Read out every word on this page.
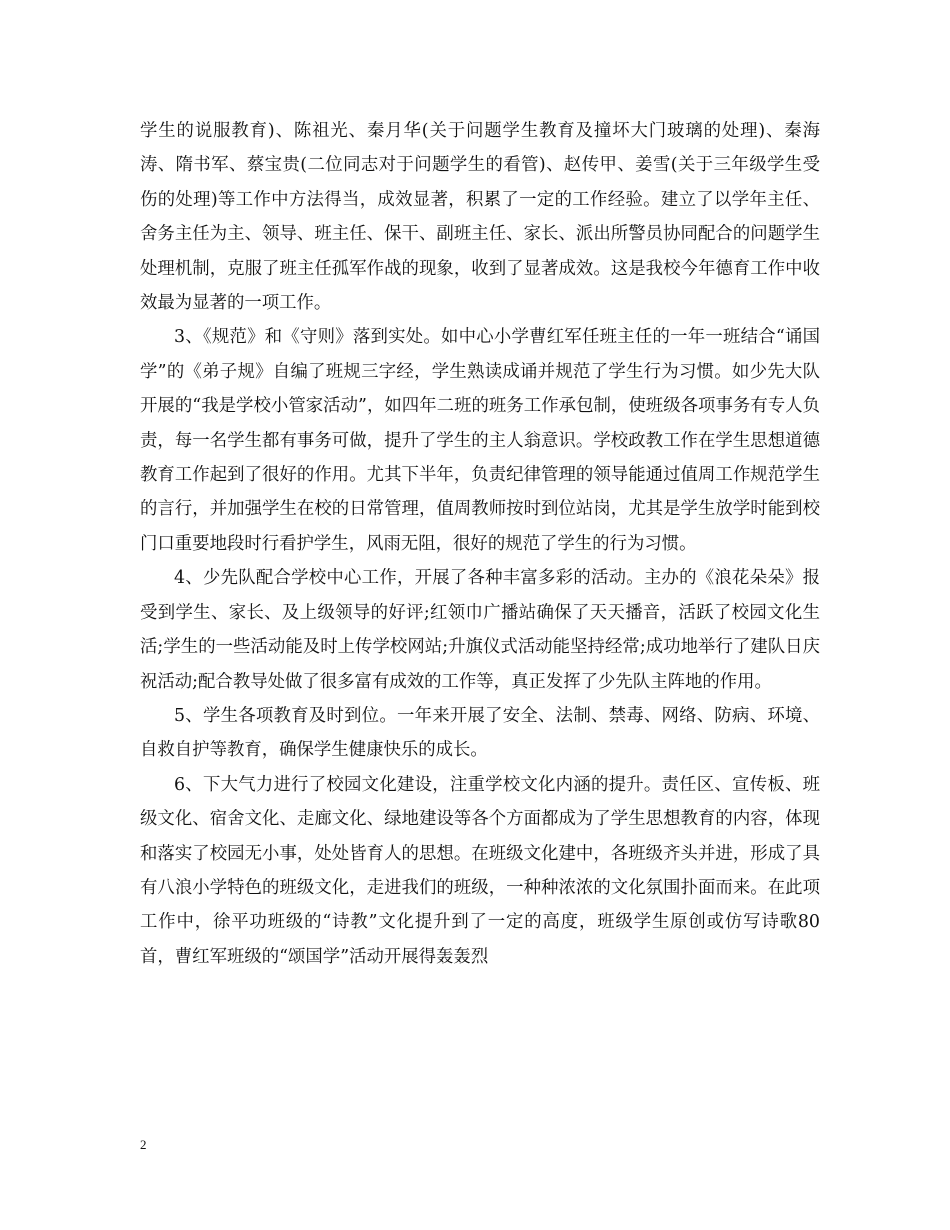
学生的说服教育)、陈祖光、秦月华(关于问题学生教育及撞坏大门玻璃的处理)、秦海涛、隋书军、蔡宝贵(二位同志对于问题学生的看管)、赵传甲、姜雪(关于三年级学生受伤的处理)等工作中方法得当，成效显著，积累了一定的工作经验。建立了以学年主任、舍务主任为主、领导、班主任、保干、副班主任、家长、派出所警员协同配合的问题学生处理机制，克服了班主任孤军作战的现象，收到了显著成效。这是我校今年德育工作中收效最为显著的一项工作。

3、《规范》和《守则》落到实处。如中心小学曹红军任班主任的一年一班结合“诵国学”的《弟子规》自编了班规三字经，学生熟读成诵并规范了学生行为习惯。如少先大队开展的“我是学校小管家活动”，如四年二班的班务工作承包制，使班级各项事务有专人负责，每一名学生都有事务可做，提升了学生的主人翁意识。学校政教工作在学生思想道德教育工作起到了很好的作用。尤其下半年，负责纪律管理的领导能通过值周工作规范学生的言行，并加强学生在校的日常管理，值周教师按时到位站岗，尤其是学生放学时能到校门口重要地段时行看护学生，风雨无阻，很好的规范了学生的行为习惯。

4、少先队配合学校中心工作，开展了各种丰富多彩的活动。主办的《浪花朵朵》报受到学生、家长、及上级领导的好评;红领巾广播站确保了天天播音，活跃了校园文化生活;学生的一些活动能及时上传学校网站;升旗仪式活动能坚持经常;成功地举行了建队日庆祝活动;配合教导处做了很多富有成效的工作等，真正发挥了少先队主阵地的作用。

5、学生各项教育及时到位。一年来开展了安全、法制、禁毒、网络、防病、环境、自救自护等教育，确保学生健康快乐的成长。

6、下大气力进行了校园文化建设，注重学校文化内涵的提升。责任区、宣传板、班级文化、宿舍文化、走廊文化、绿地建设等各个方面都成为了学生思想教育的内容，体现和落实了校园无小事，处处皆育人的思想。在班级文化建中，各班级齐头并进，形成了具有八浪小学特色的班级文化，走进我们的班级，一种种浓浓的文化氛围扑面而来。在此项工作中，徐平功班级的“诗教”文化提升到了一定的高度，班级学生原创或仿写诗歌80首，曹红军班级的“颂国学”活动开展得轰轰烈

2
